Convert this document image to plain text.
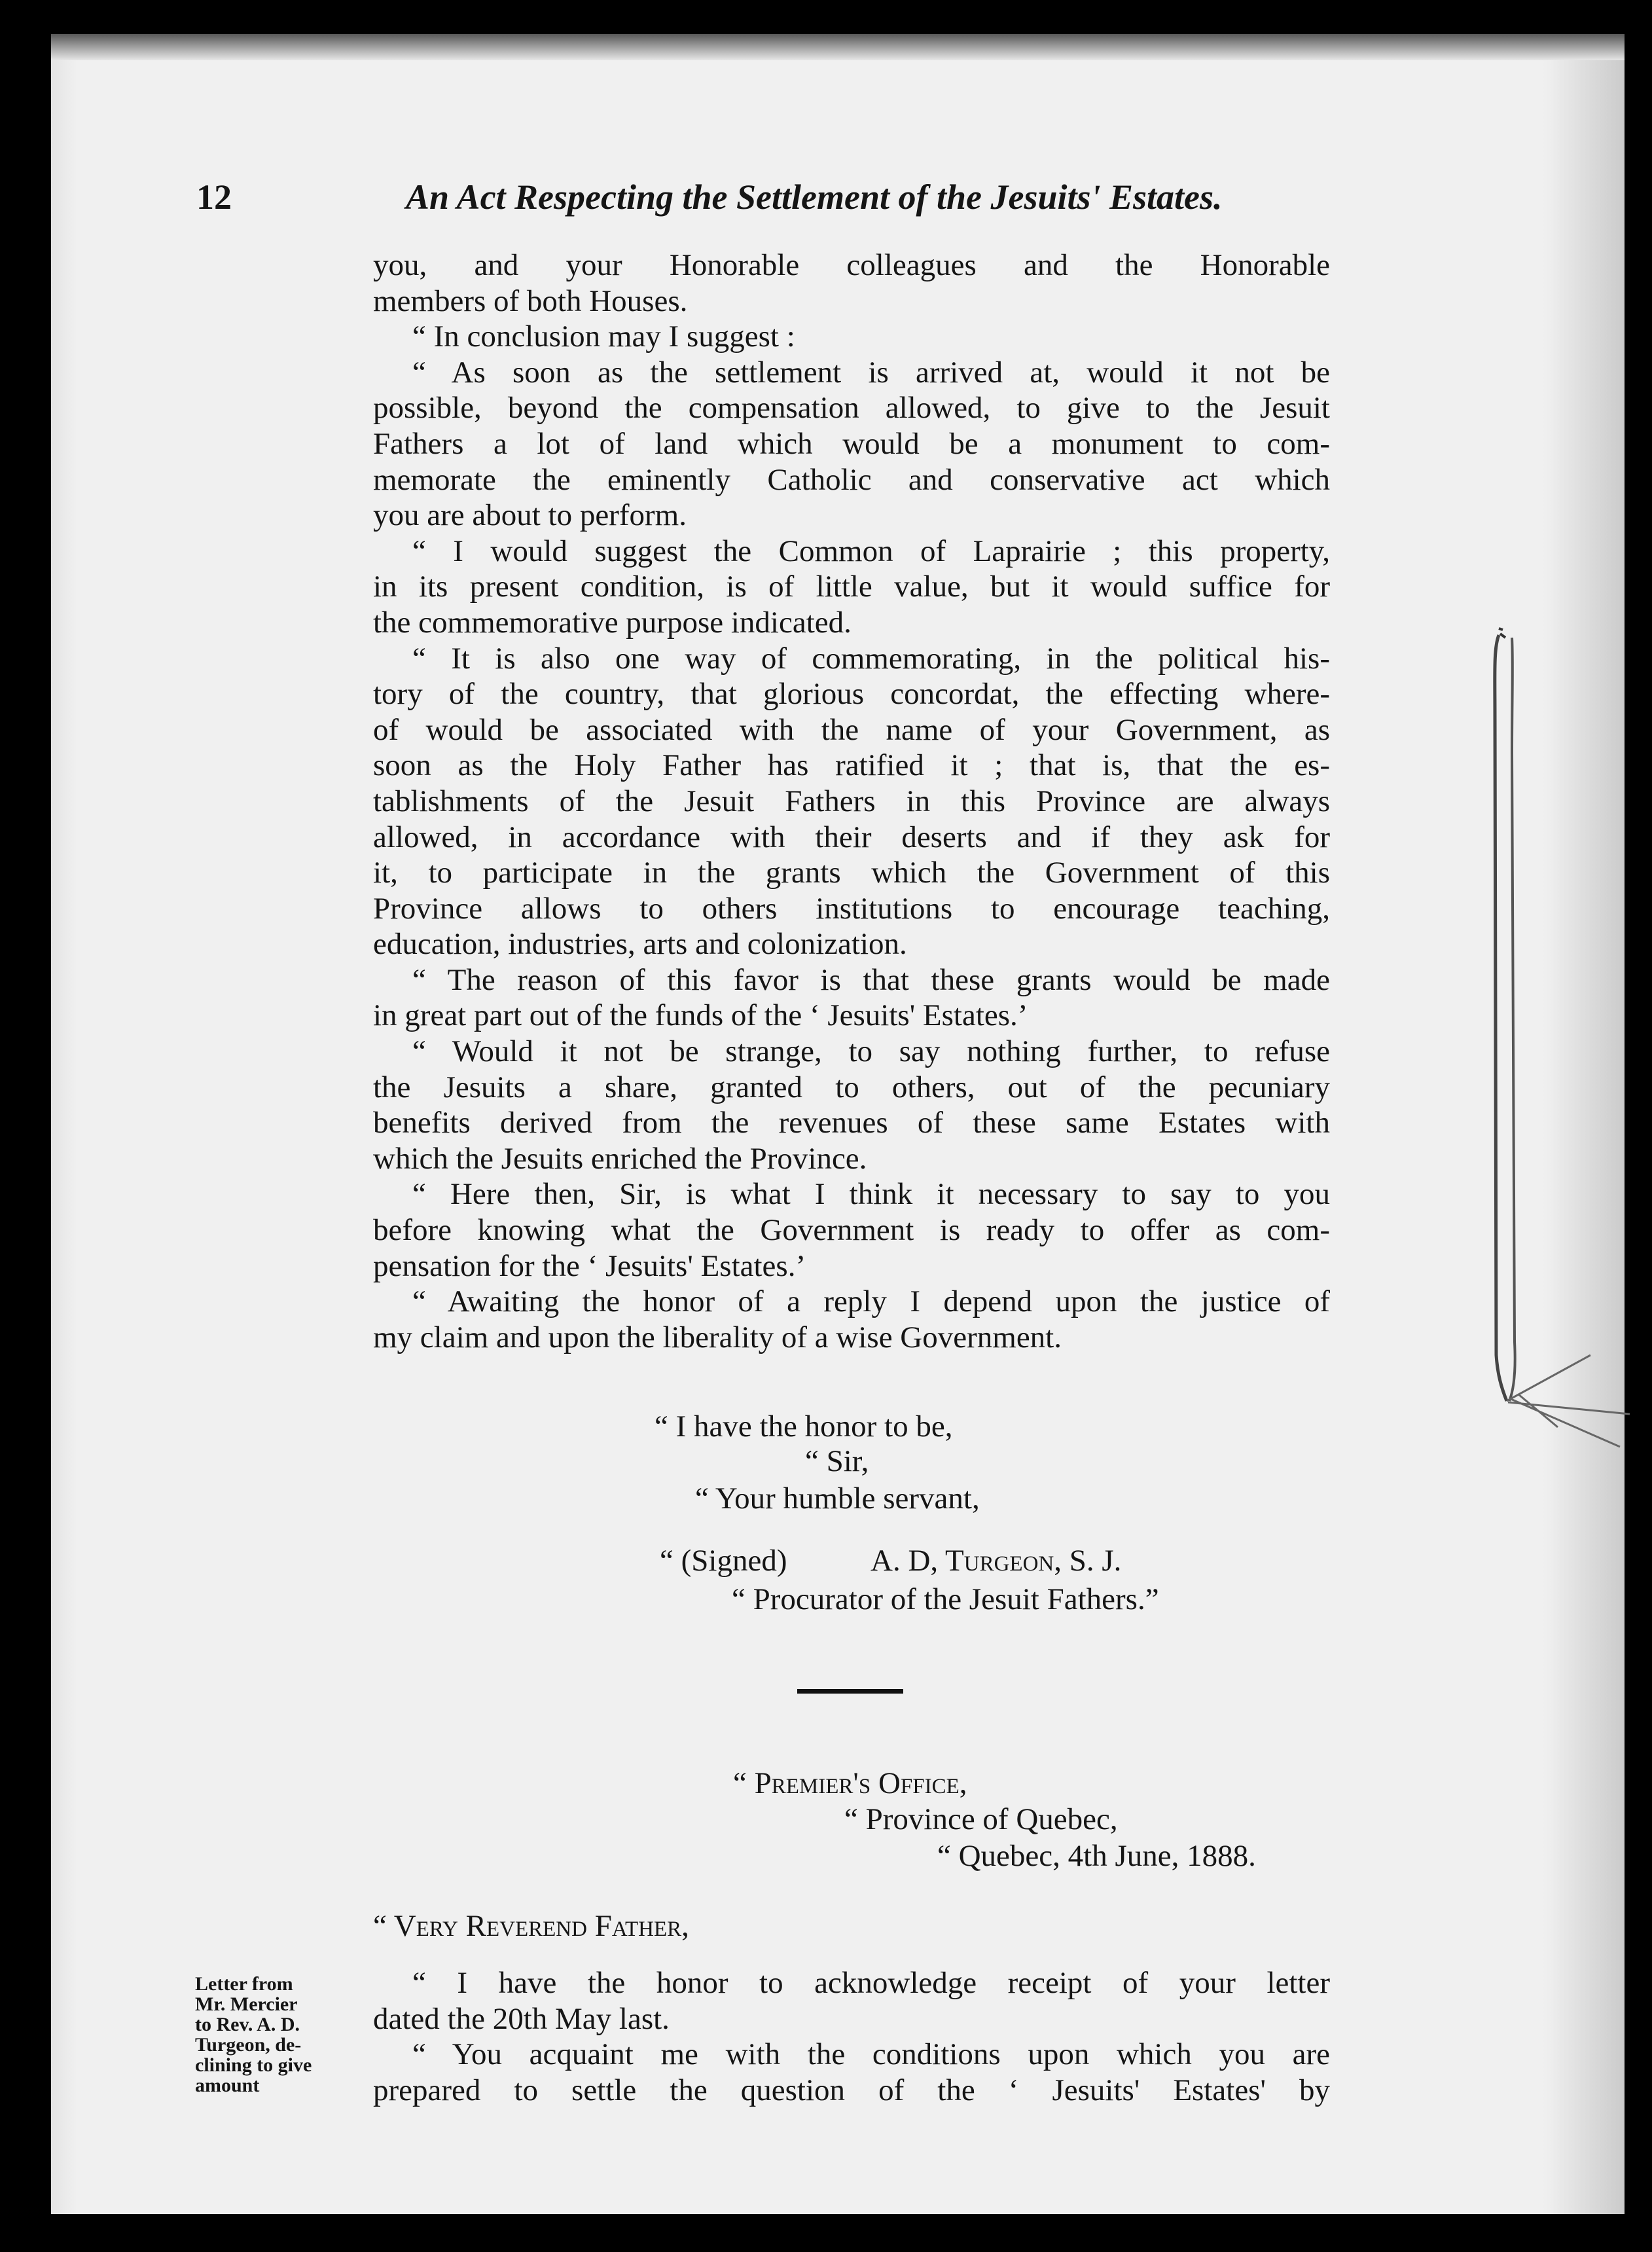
12	An Act Respecting the Settlement of the Jesuits' Estates.
you, and your Honorable colleagues and the Honorable
members of both Houses.
“ In conclusion may I suggest :
“ As soon as the settlement is arrived at, would it not be
possible, beyond the compensation allowed, to give to the Jesuit
Fathers a lot of land which would be a monument to com-
memorate the eminently Catholic and conservative act which
you are about to perform.
“ I would suggest the Common of Laprairie ; this property,
in its present condition, is of little value, but it would suffice for
the commemorative purpose indicated.
“ It is also one way of commemorating, in the political his-
tory of the country, that glorious concordat, the effecting where-
of would be associated with the name of your Government, as
soon as the Holy Father has ratified it ; that is, that the es-
tablishments of the Jesuit Fathers in this Province are always
allowed, in accordance with their deserts and if they ask for
it, to participate in the grants which the Government of this
Province allows to others institutions to encourage teaching,
education, industries, arts and colonization.
“ The reason of this favor is that these grants would be made
in great part out of the funds of the ‘ Jesuits' Estates.’
“ Would it not be strange, to say nothing further, to refuse
the Jesuits a share, granted to others, out of the pecuniary
benefits derived from the revenues of these same Estates with
which the Jesuits enriched the Province.
“ Here then, Sir, is what I think it necessary to say to you
before knowing what the Government is ready to offer as com-
pensation for the ‘ Jesuits' Estates.’
“ Awaiting the honor of a reply I depend upon the justice of
my claim and upon the liberality of a wise Government.
“ I have the honor to be,
“ Sir,
“ Your humble servant,
“ (Signed)	A. D, Turgeon, S. J.
“ Procurator of the Jesuit Fathers.”
“ Premier's Office,
“ Province of Quebec,
“ Quebec, 4th June, 1888.
“ Very Reverend Father,
“ I have the honor to acknowledge receipt of your letter
dated the 20th May last.
“ You acquaint me with the conditions upon which you are
prepared to settle the question of the ‘ Jesuits' Estates' by
Letter from
Mr. Mercier
to Rev. A. D.
Turgeon, de-
clining to give
amount
